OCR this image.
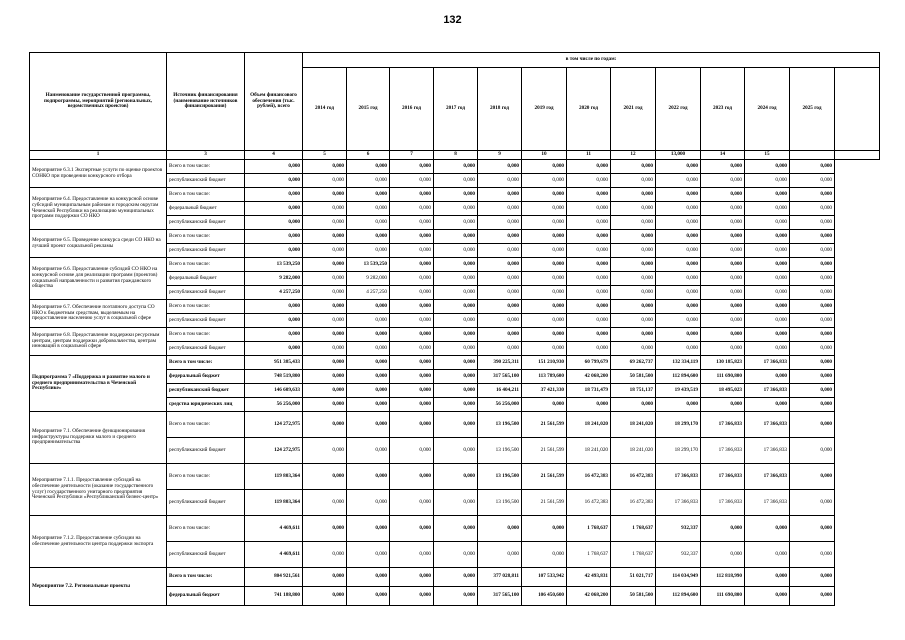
132
Наименование государственной программы, подпрограммы, мероприятий (региональных, ведомственных проектов)	Источник финансирования (наименование источников финансирования)	Объем финансового обеспечения (тыс. рублей), всего	в том числе по годам:												
			2014 год	2015 год	2016 год	2017 год	2018 год	2019 год	2020 год	2021 год	2022 год	2023 год	2024 год	2025 год	
1	3	4	5	6	7	8	9	10	11	12	13,000	14	15		
Мероприятие 6.3.1 Экспертные услуги по оценке проектов СОНКО при проведении конкурсного отбора	Всего в том числе:	0,000	0,000	0,000	0,000	0,000	0,000	0,000	0,000	0,000	0,000	0,000	0,000	0,000	
	республиканский бюджет	0,000	0,000	0,000	0,000	0,000	0,000	0,000	0,000	0,000	0,000	0,000	0,000	0,000	
Мероприятие 6.4. Предоставление на конкурсной основе субсидий муниципальным районам и городским округам Чеченской Республики на реализацию муниципальных программ поддержки СО НКО	Всего в том числе:	0,000	0,000	0,000	0,000	0,000	0,000	0,000	0,000	0,000	0,000	0,000	0,000	0,000	
	федеральный бюджет	0,000	0,000	0,000	0,000	0,000	0,000	0,000	0,000	0,000	0,000	0,000	0,000	0,000	
	республиканский бюджет	0,000	0,000	0,000	0,000	0,000	0,000	0,000	0,000	0,000	0,000	0,000	0,000	0,000	
Мероприятие 6.5. Проведение конкурса среди СО НКО на лучший проект социальной рекламы	Всего в том числе:	0,000	0,000	0,000	0,000	0,000	0,000	0,000	0,000	0,000	0,000	0,000	0,000	0,000	
	республиканский бюджет	0,000	0,000	0,000	0,000	0,000	0,000	0,000	0,000	0,000	0,000	0,000	0,000	0,000	
Мероприятие 6.6. Предоставление субсидий СО НКО на конкурсной основе для реализации программ (проектов) социальной направленности и развития гражданского общества	Всего в том числе:	13 539,250	0,000	13 539,250	0,000	0,000	0,000	0,000	0,000	0,000	0,000	0,000	0,000	0,000	
	федеральный бюджет	9 282,000	0,000	9 282,000	0,000	0,000	0,000	0,000	0,000	0,000	0,000	0,000	0,000	0,000	
	республиканский бюджет	4 257,250	0,000	4 257,250	0,000	0,000	0,000	0,000	0,000	0,000	0,000	0,000	0,000	0,000	
Мероприятие 6.7. Обеспечение поэтапного доступа СО НКО к бюджетным средствам, выделяемым на предоставление населению услуг в социальной сфере	Всего в том числе:	0,000	0,000	0,000	0,000	0,000	0,000	0,000	0,000	0,000	0,000	0,000	0,000	0,000	
	республиканский бюджет	0,000	0,000	0,000	0,000	0,000	0,000	0,000	0,000	0,000	0,000	0,000	0,000	0,000	
Мероприятие 6.8. Предоставление поддержки ресурсным центрам, центрам поддержки добровольчества, центрам инноваций в социальной сфере	Всего в том числе:	0,000	0,000	0,000	0,000	0,000	0,000	0,000	0,000	0,000	0,000	0,000	0,000	0,000	
	республиканский бюджет	0,000	0,000	0,000	0,000	0,000	0,000	0,000	0,000	0,000	0,000	0,000	0,000	0,000	
Подпрограмма 7 «Поддержка и развитие малого и среднего предпринимательства в Чеченской Республике»	Всего в том числе:	951 385,433	0,000	0,000	0,000	0,000	390 225,311	151 210,930	60 799,679	69 262,737	132 334,119	130 185,823	17 366,833	0,000	
	федеральный бюджет	748 519,800	0,000	0,000	0,000	0,000	317 565,100	113 789,600	42 068,200	50 581,500	112 894,600	111 690,800	0,000	0,000	
	республиканский бюджет	146 609,633	0,000	0,000	0,000	0,000	16 404,211	37 421,330	18 731,479	18 751,137	19 439,519	18 495,023	17 366,833	0,000	
	средства юридических лиц	56 256,000	0,000	0,000	0,000	0,000	56 256,000	0,000	0,000	0,000	0,000	0,000	0,000	0,000	
Мероприятие 7.1. Обеспечение функционирования инфраструктуры поддержки малого и среднего предпринимательства	Всего в том числе:	124 272,975	0,000	0,000	0,000	0,000	13 196,500	21 561,599	18 241,020	18 241,020	18 299,170	17 366,833	17 366,833	0,000	
	республиканский бюджет	124 272,975	0,000	0,000	0,000	0,000	13 196,500	21 561,599	18 241,020	18 241,020	18 299,170	17 366,833	17 366,833	0,000	
Мероприятие 7.1.1. Предоставление субсидий на обеспечение деятельности (оказание государственного услуг) государственного унитарного предприятия Чеченской Республики «Республиканский бизнес-центр»	Всего в том числе:	119 803,364	0,000	0,000	0,000	0,000	13 196,500	21 561,599	16 472,383	16 472,383	17 366,833	17 366,833	17 366,833	0,000	
	республиканский бюджет	119 803,364	0,000	0,000	0,000	0,000	13 196,500	21 561,599	16 472,383	16 472,383	17 366,833	17 366,833	17 366,833	0,000	
Мероприятие 7.1.2. Предоставление субсидии на обеспечение деятельности центра поддержки экспорта	Всего в том числе:	4 469,611	0,000	0,000	0,000	0,000	0,000	0,000	1 768,637	1 768,637	932,337	0,000	0,000	0,000	
	республиканский бюджет	4 469,611	0,000	0,000	0,000	0,000	0,000	0,000	1 768,637	1 768,637	932,337	0,000	0,000	0,000	
Мероприятие 7.2. Региональные проекты	Всего в том числе:	804 921,561	0,000	0,000	0,000	0,000	377 028,811	107 533,942	42 493,831	51 021,717	114 034,949	112 818,990	0,000	0,000	
	федеральный бюджет	741 188,800	0,000	0,000	0,000	0,000	317 565,100	106 450,600	42 068,200	50 581,500	112 894,600	111 690,800	0,000	0,000	
